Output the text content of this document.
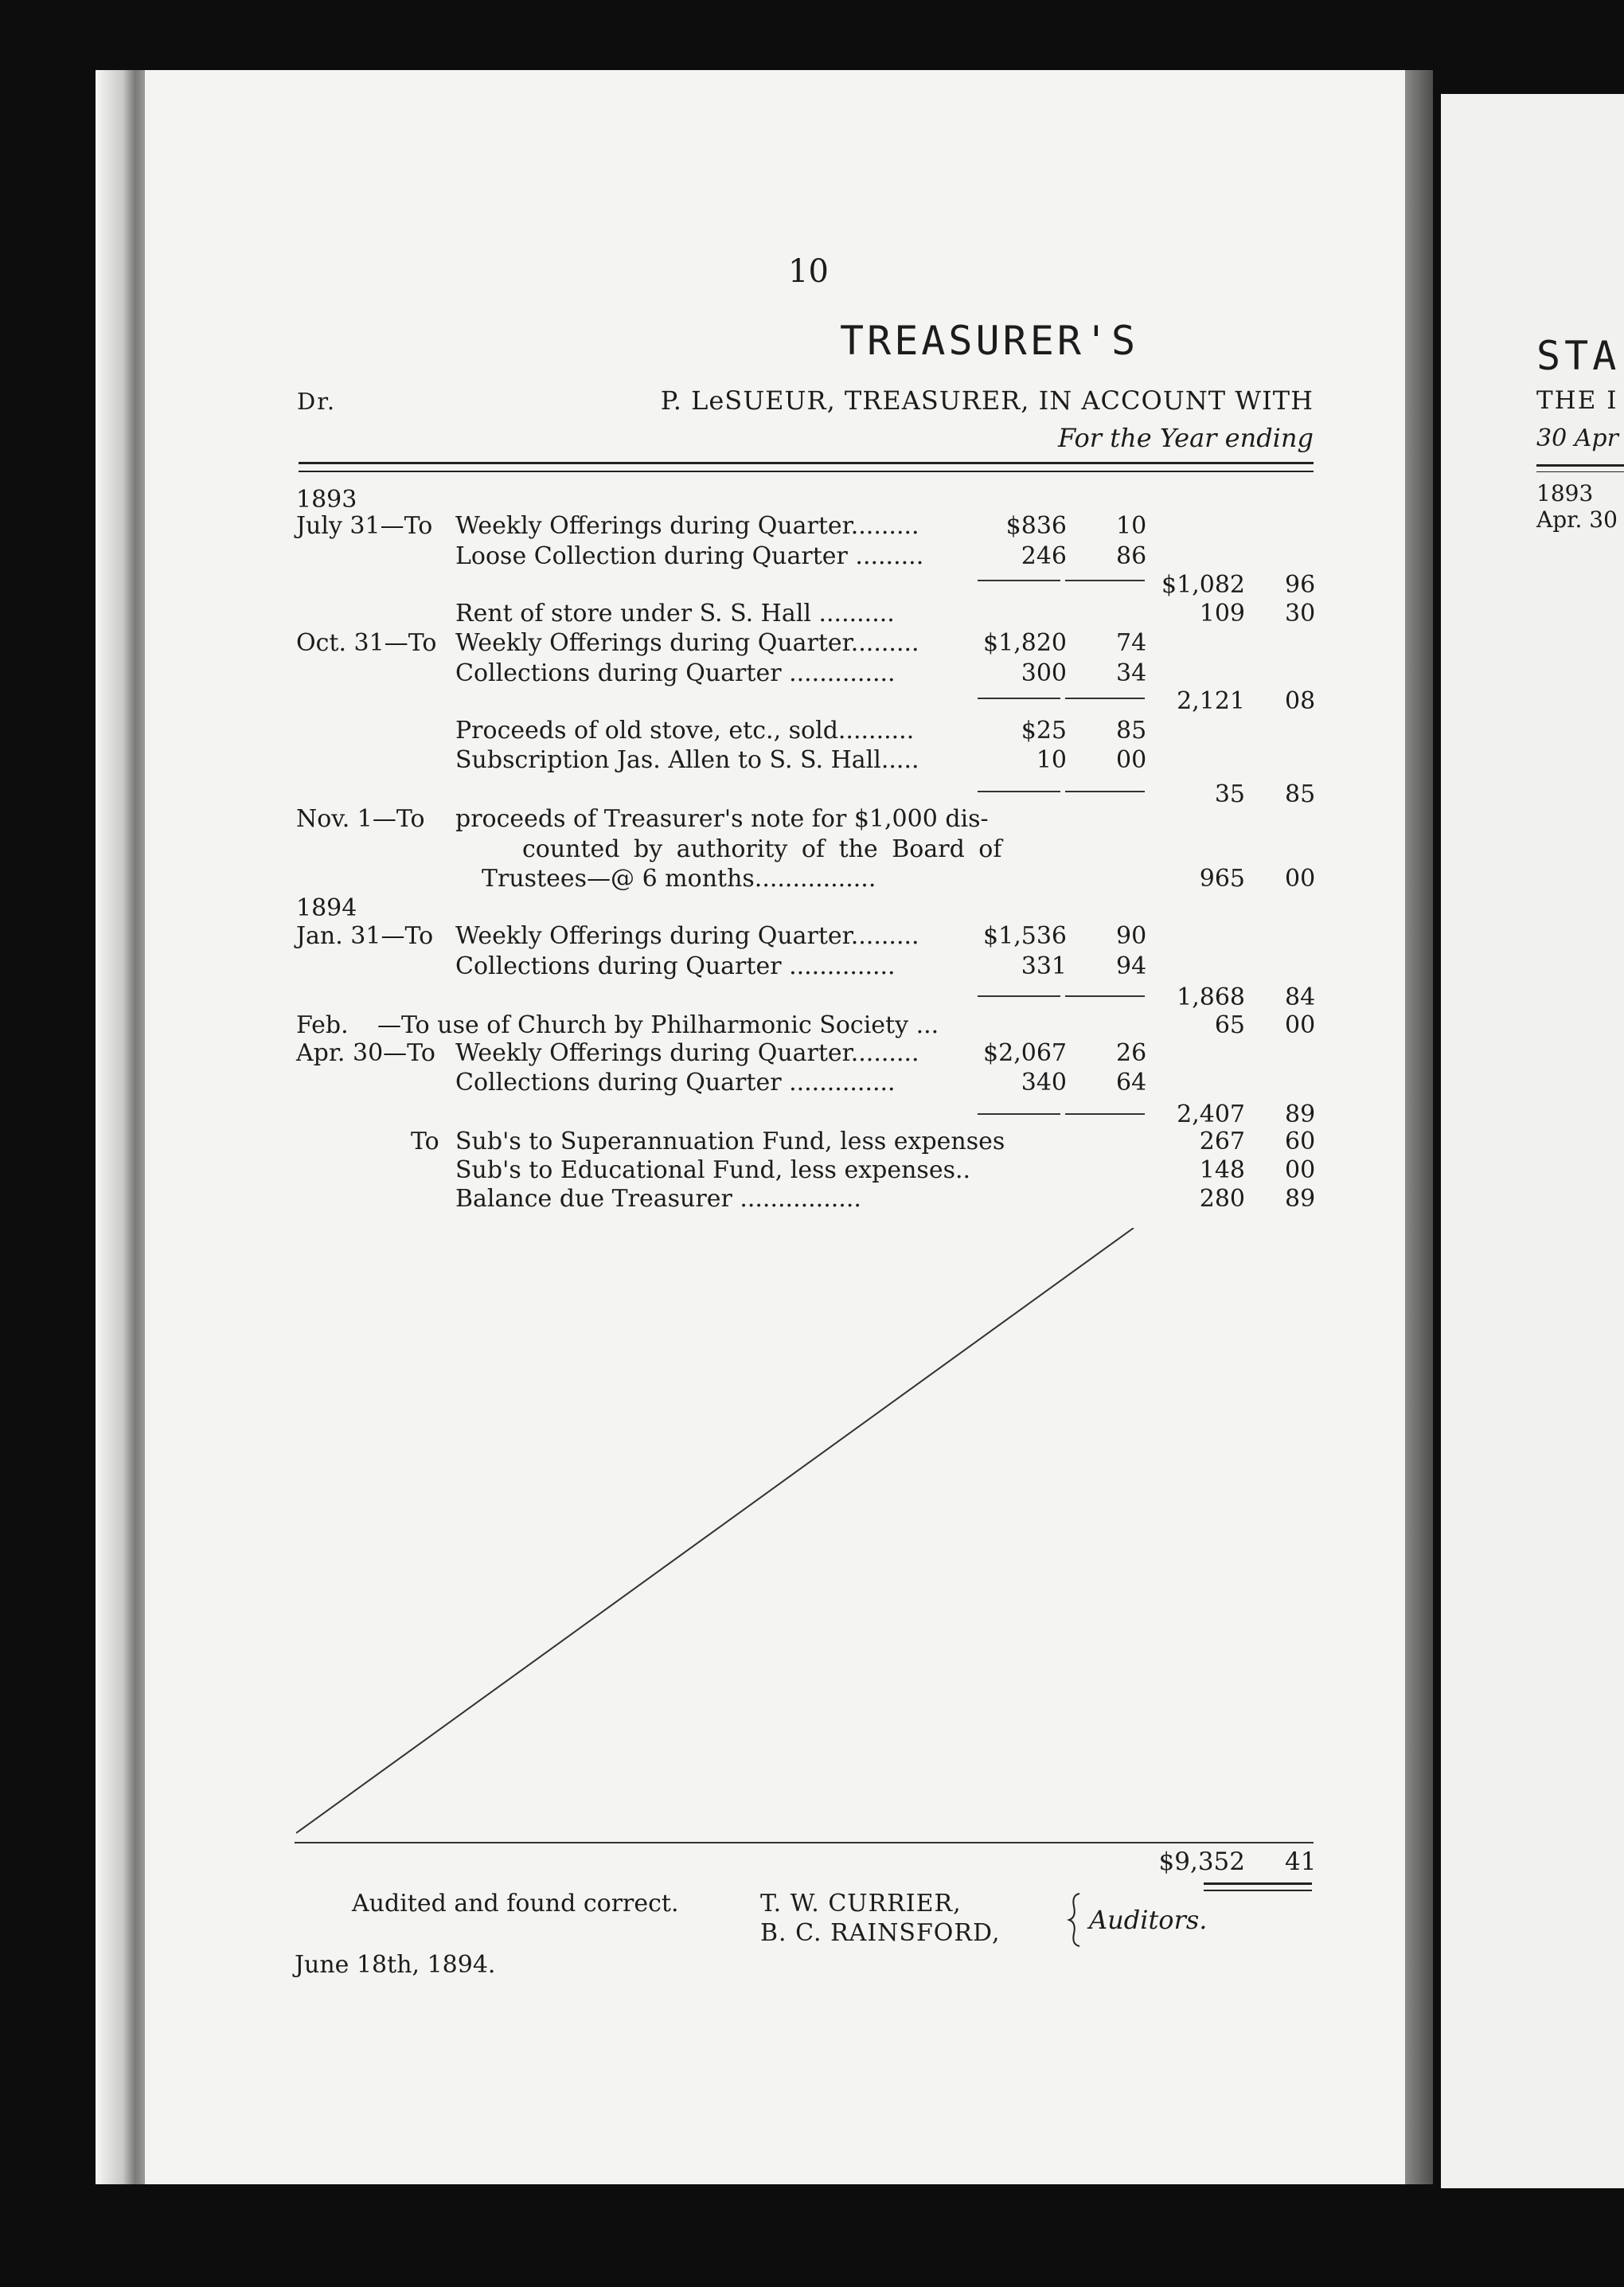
STA
THE I
30 Apr
1893
Apr. 30
10
TREASURER'S
Dr.	P. LeSUEUR, TREASURER, IN ACCOUNT WITH
For the Year ending
1893
July 31—To Weekly Offerings during Quarter.........	$836 10
Loose Collection during Quarter .........	246 86
$1,082 96
Rent of store under S. S. Hall ..........	109 30
Oct. 31—To Weekly Offerings during Quarter.........	$1,820 74
Collections during Quarter ..............	300 34
2,121 08
Proceeds of old stove, etc., sold..........	$25 85
Subscription Jas. Allen to S. S. Hall.....	10 00
35 85
Nov. 1—To proceeds of Treasurer's note for $1,000 dis-
counted by authority of the Board of
Trustees—@ 6 months................	965 00
1894
Jan. 31—To Weekly Offerings during Quarter.........	$1,536 90
Collections during Quarter ..............	331 94
1,868 84
Feb. —To use of Church by Philharmonic Society ...	65 00
Apr. 30—To Weekly Offerings during Quarter.........	$2,067 26
Collections during Quarter ..............	340 64
2,407 89
To Sub's to Superannuation Fund, less expenses	267 60
Sub's to Educational Fund, less expenses..	148 00
Balance due Treasurer ................	280 89
$9,352 41
Audited and found correct.	T. W. CURRIER,
B. C. RAINSFORD,	Auditors.
June 18th, 1894.
